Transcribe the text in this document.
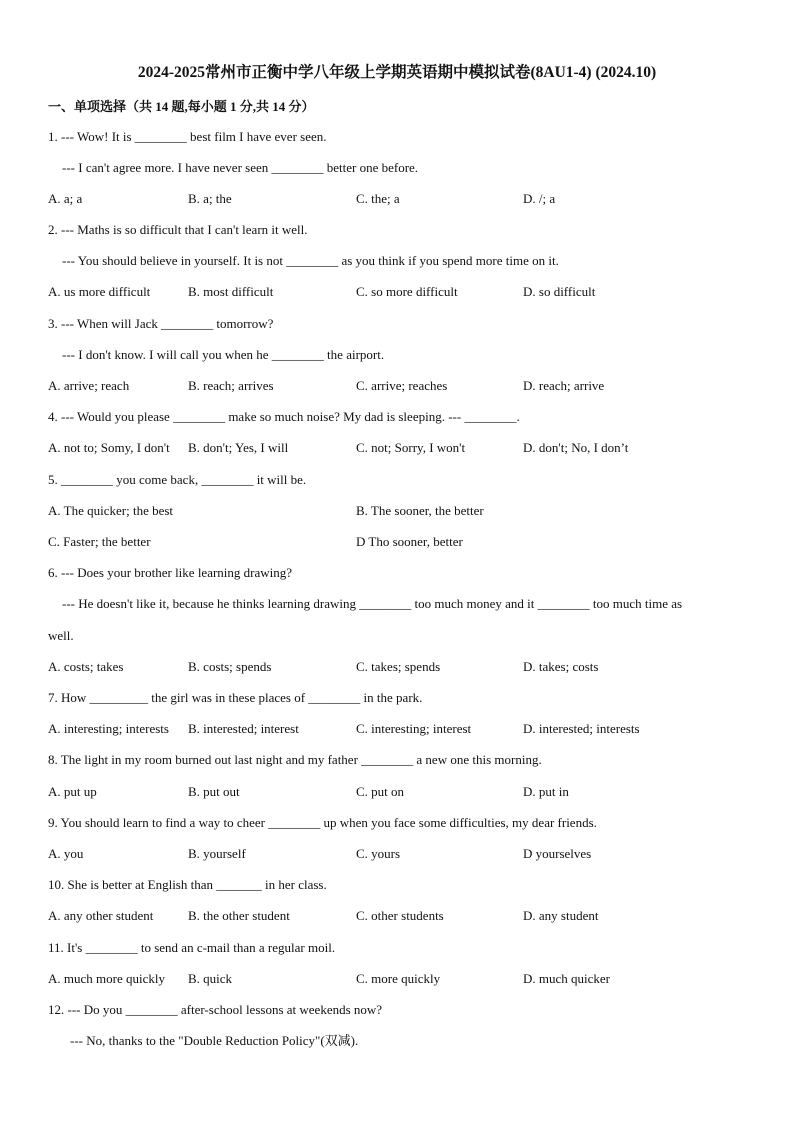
2024-2025常州市正衡中学八年级上学期英语期中模拟试卷(8AU1-4) (2024.10)
一、单项选择（共 14 题,每小题 1 分,共 14 分）
1. --- Wow! It is ________ best film I have ever seen.
--- I can't agree more. I have never seen ________ better one before.
A. a; a	B. a; the	C. the; a	D. /; a
2. --- Maths is so difficult that I can't learn it well.
--- You should believe in yourself. It is not ________ as you think if you spend more time on it.
A. us more difficult	B. most difficult	C. so more difficult	D. so difficult
3. --- When will Jack ________ tomorrow?
--- I don't know. I will call you when he ________ the airport.
A. arrive; reach	B. reach; arrives	C. arrive; reaches	D. reach; arrive
4. --- Would you please ________ make so much noise? My dad is sleeping. --- ________.
A. not to; Somy, I don't B. don't; Yes, I will	C. not; Sorry, I won't	D. don't; No, I don’t
5. ________ you come back, ________ it will be.
A. The quicker; the best	B. The sooner, the better
C. Faster; the better	D Tho sooner, better
6. --- Does your brother like learning drawing?
--- He doesn't like it, because he thinks learning drawing ________ too much money and it ________ too much time as
well.
A. costs; takes	B. costs; spends	C. takes; spends	D. takes; costs
7. How _________ the girl was in these places of ________ in the park.
A. interesting; interests B. interested; interest	C. interesting; interest	D. interested; interests
8. The light in my room burned out last night and my father ________ a new one this morning.
A. put up	B. put out	C. put on	D. put in
9. You should learn to find a way to cheer ________ up when you face some difficulties, my dear friends.
A. you	B. yourself	C. yours	D yourselves
10. She is better at English than _______ in her class.
A. any other student	B. the other student	C. other students	D. any student
11. It's ________ to send an c-mail than a regular moil.
A. much more quickly B. quick	C. more quickly	D. much quicker
12. --- Do you ________ after-school lessons at weekends now?
--- No, thanks to the "Double Reduction Policy"(双减).
